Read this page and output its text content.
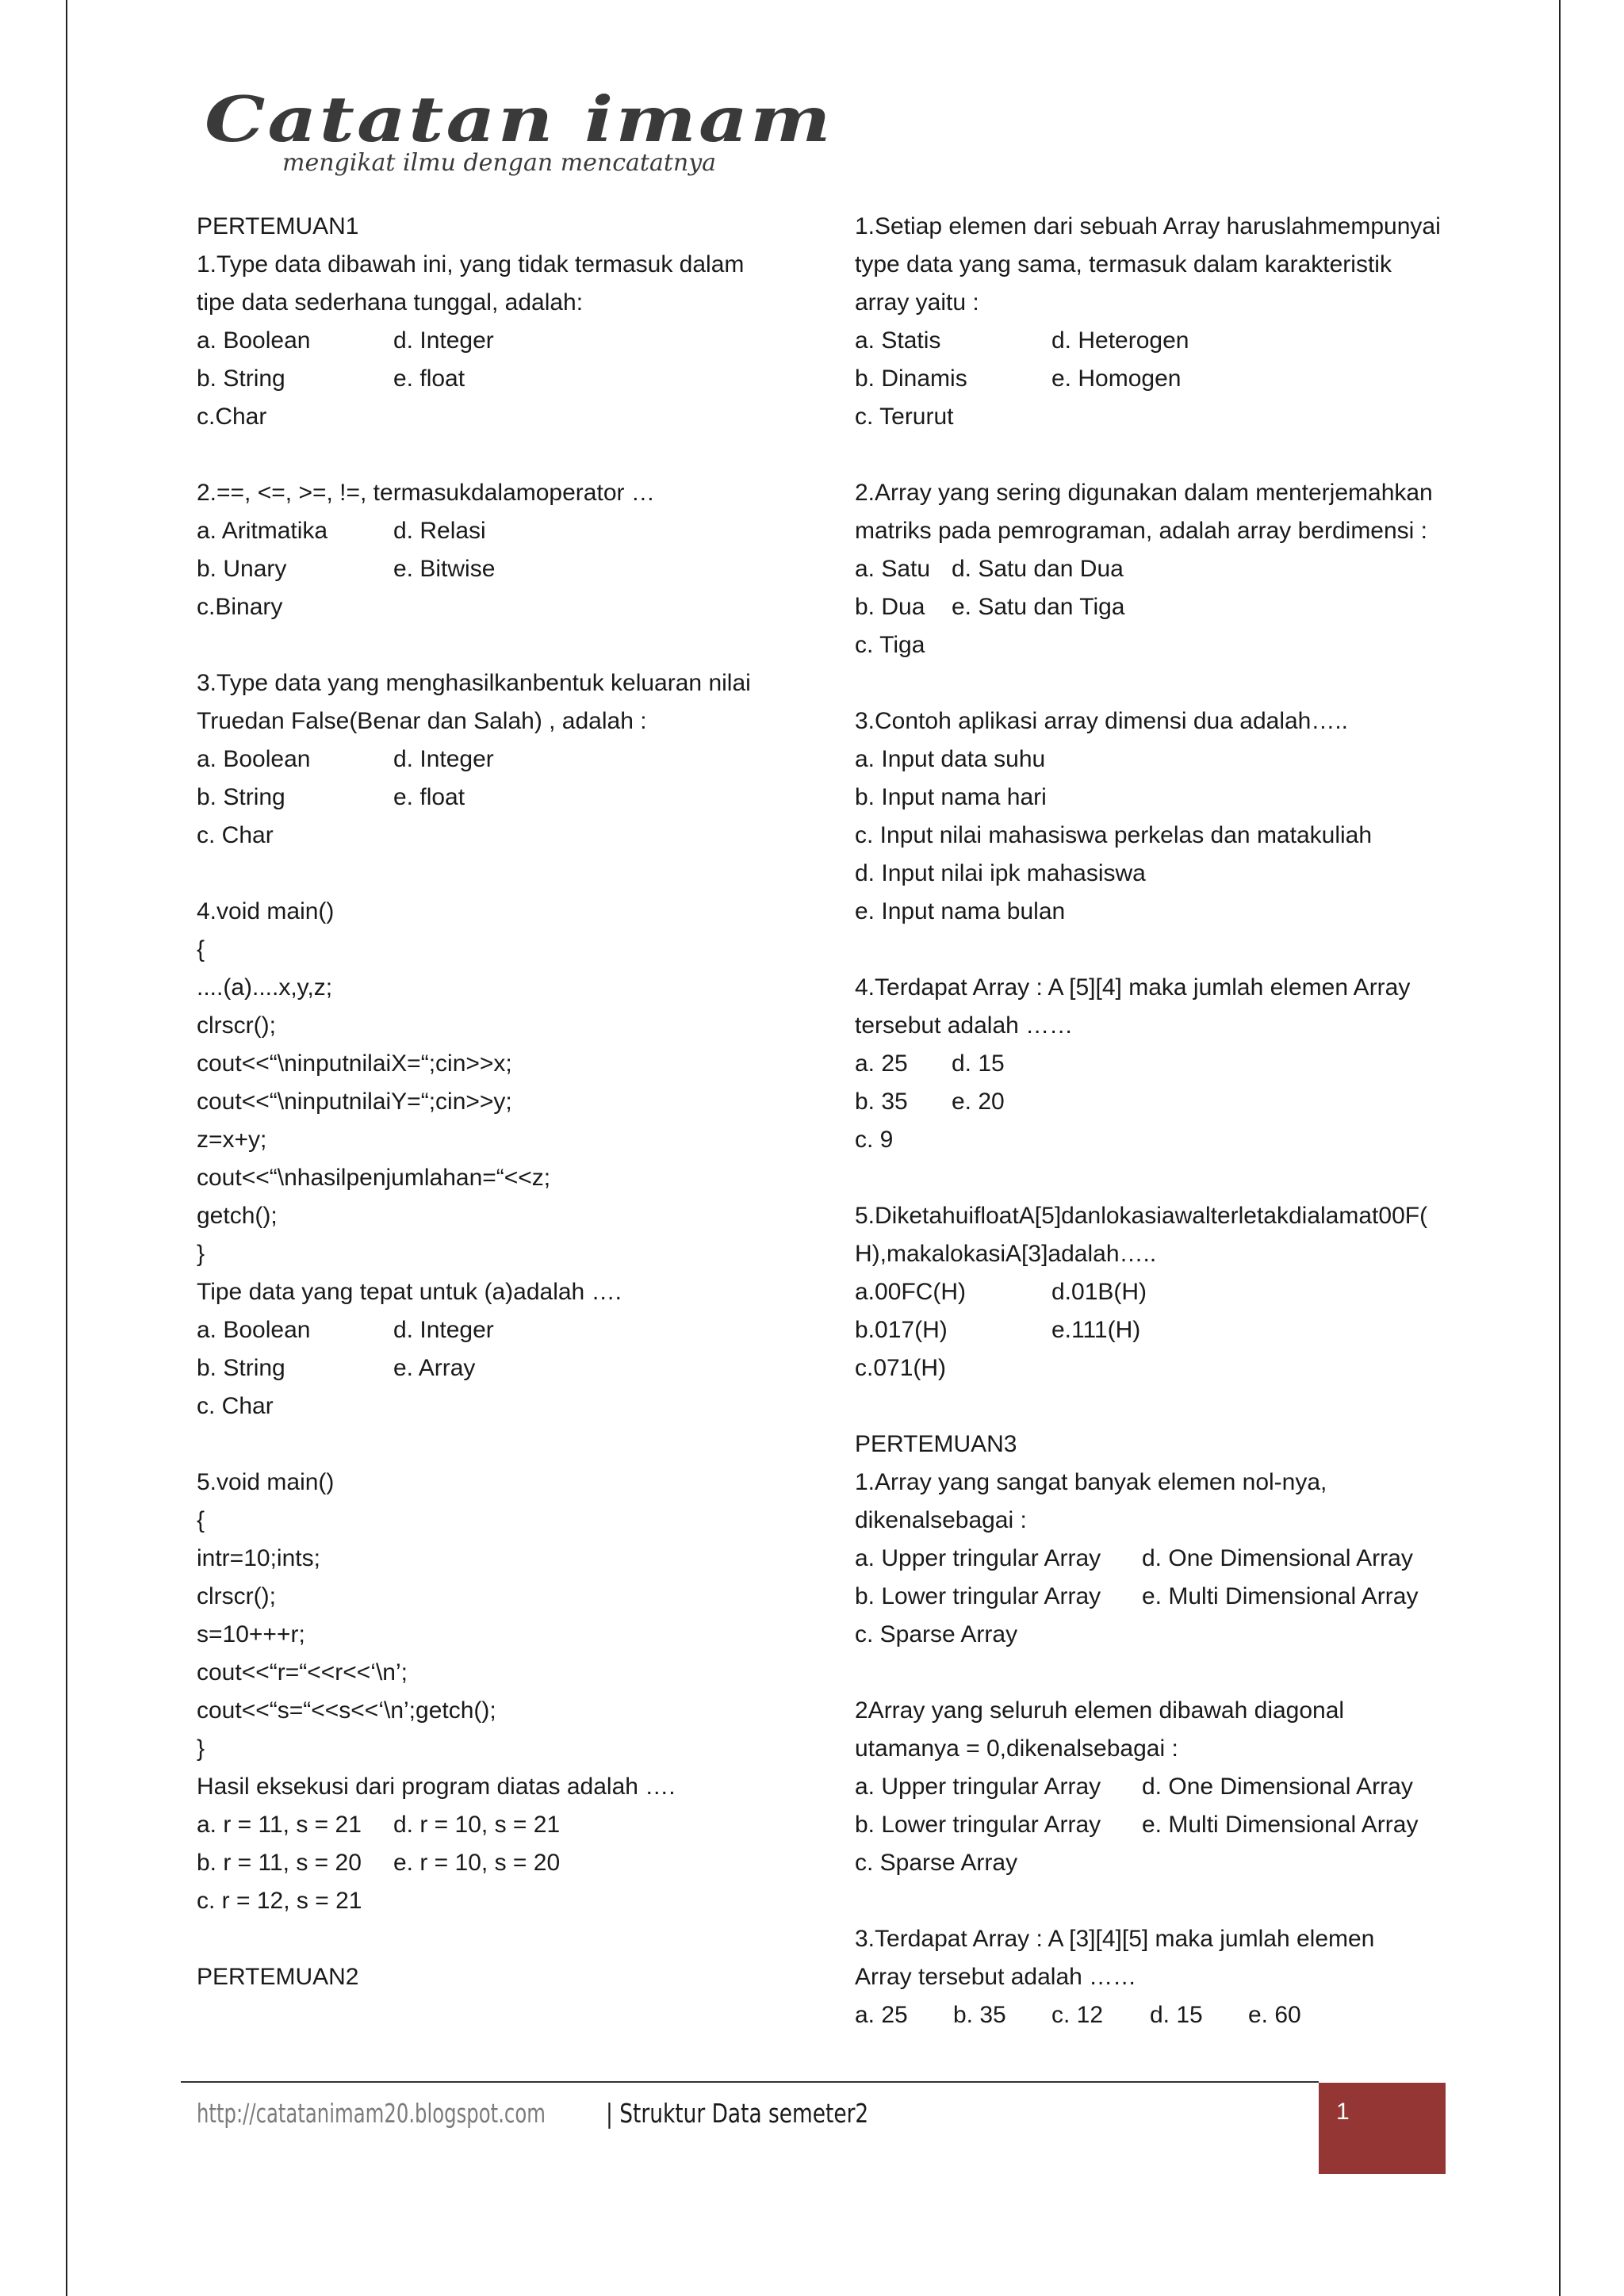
Catatan imam
mengikat ilmu dengan mencatatnya
PERTEMUAN1
1.Type data dibawah ini, yang tidak termasuk dalam
tipe data sederhana tunggal, adalah:
a. Boolean	d. Integer
b. String	e. float
c.Char
2.==, <=, >=, !=, termasukdalamoperator …
a. Aritmatika	d. Relasi
b. Unary	e. Bitwise
c.Binary
3.Type data yang menghasilkanbentuk keluaran nilai
Truedan False(Benar dan Salah) , adalah :
a. Boolean	d. Integer
b. String	e. float
c. Char
4.void main()
{
....(a)....x,y,z;
clrscr();
cout<<“\ninputnilaiX=“;cin>>x;
cout<<“\ninputnilaiY=“;cin>>y;
z=x+y;
cout<<“\nhasilpenjumlahan=“<<z;
getch();
}
Tipe data yang tepat untuk (a)adalah ….
a. Boolean	d. Integer
b. String	e. Array
c. Char
5.void main()
{
intr=10;ints;
clrscr();
s=10+++r;
cout<<“r=“<<r<<‘\n’;
cout<<“s=“<<s<<‘\n’;getch();
}
Hasil eksekusi dari program diatas adalah ….
a. r = 11, s = 21 d. r = 10, s = 21
b. r = 11, s = 20 e. r = 10, s = 20
c. r = 12, s = 21
PERTEMUAN2
1.Setiap elemen dari sebuah Array haruslahmempunyai
type data yang sama, termasuk dalam karakteristik
array yaitu :
a. Statis	d. Heterogen
b. Dinamis	e. Homogen
c. Terurut
2.Array yang sering digunakan dalam menterjemahkan
matriks pada pemrograman, adalah array berdimensi :
a. Satu d. Satu dan Dua
b. Dua e. Satu dan Tiga
c. Tiga
3.Contoh aplikasi array dimensi dua adalah…..
a. Input data suhu
b. Input nama hari
c. Input nilai mahasiswa perkelas dan matakuliah
d. Input nilai ipk mahasiswa
e. Input nama bulan
4.Terdapat Array : A [5][4] maka jumlah elemen Array
tersebut adalah ……
a. 25 d. 15
b. 35 e. 20
c. 9
5.DiketahuifloatA[5]danlokasiawalterletakdialamat00F(
H),makalokasiA[3]adalah…..
a.00FC(H)	d.01B(H)
b.017(H)	e.111(H)
c.071(H)
PERTEMUAN3
1.Array yang sangat banyak elemen nol-nya,
dikenalsebagai :
a. Upper tringular Array d. One Dimensional Array
b. Lower tringular Array e. Multi Dimensional Array
c. Sparse Array
2Array yang seluruh elemen dibawah diagonal
utamanya = 0,dikenalsebagai :
a. Upper tringular Array d. One Dimensional Array
b. Lower tringular Array e. Multi Dimensional Array
c. Sparse Array
3.Terdapat Array : A [3][4][5] maka jumlah elemen
Array tersebut adalah ……
a. 25 b. 35 c. 12 d. 15 e. 60
http://catatanimam20.blogspot.com | Struktur Data semeter2	1
